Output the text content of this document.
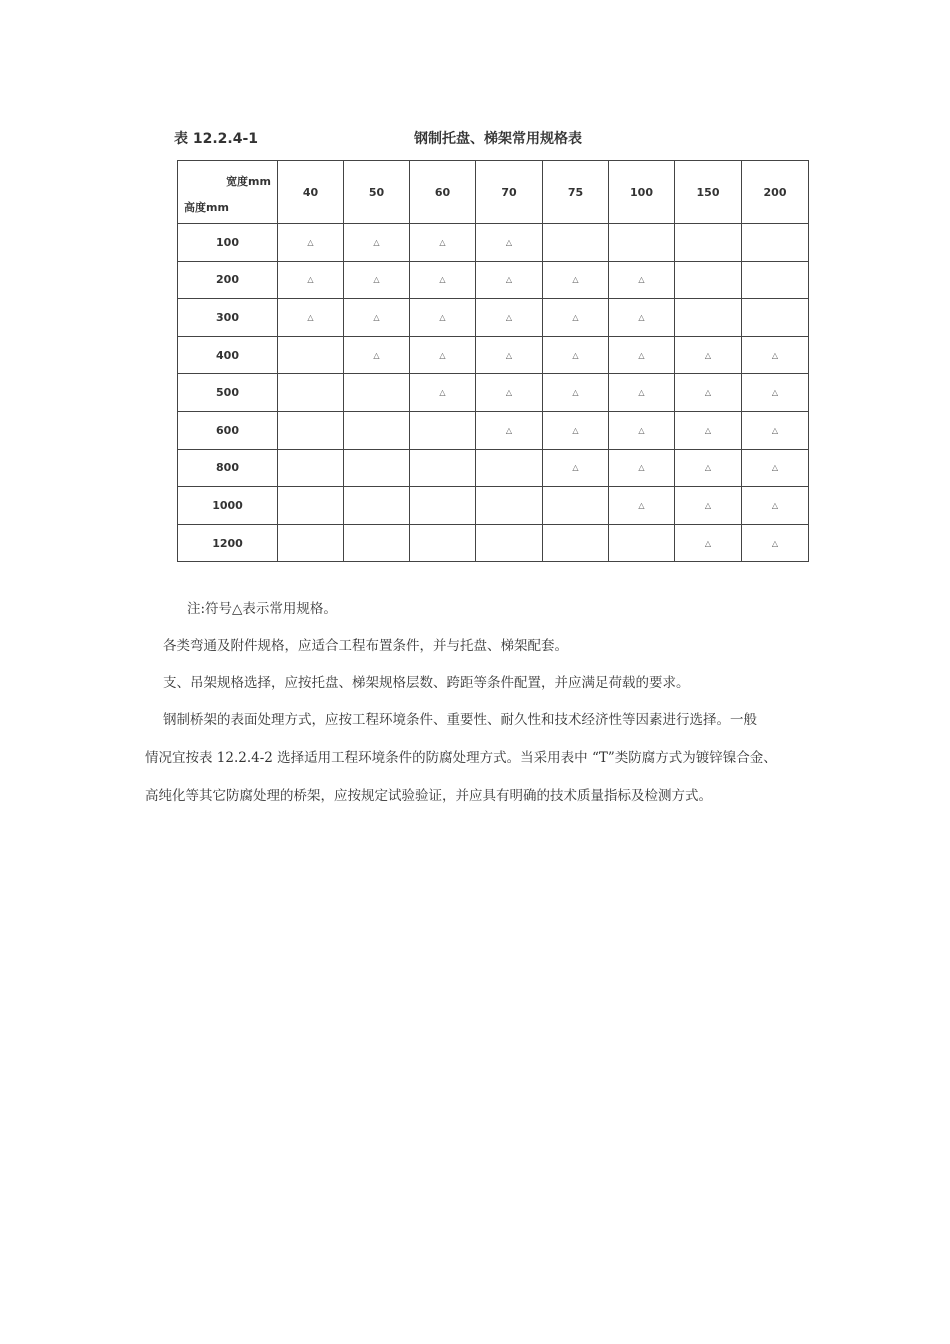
表 12.2.4-1	钢制托盘、梯架常用规格表
宽度mm
高度mm	40	50	60	70	75	100	150	200
100	△	△	△	△				
200	△	△	△	△	△	△		
300	△	△	△	△	△	△		
400		△	△	△	△	△	△	△
500			△	△	△	△	△	△
600				△	△	△	△	△
800					△	△	△	△
1000						△	△	△
1200							△	△

注:符号△表示常用规格。

各类弯通及附件规格，应适合工程布置条件，并与托盘、梯架配套。

支、吊架规格选择，应按托盘、梯架规格层数、跨距等条件配置，并应满足荷载的要求。

钢制桥架的表面处理方式，应按工程环境条件、重要性、耐久性和技术经济性等因素进行选择。一般

情况宜按表 12.2.4-2 选择适用工程环境条件的防腐处理方式。当采用表中 “T”类防腐方式为镀锌镍合金、

高纯化等其它防腐处理的桥架，应按规定试验验证，并应具有明确的技术质量指标及检测方式。
